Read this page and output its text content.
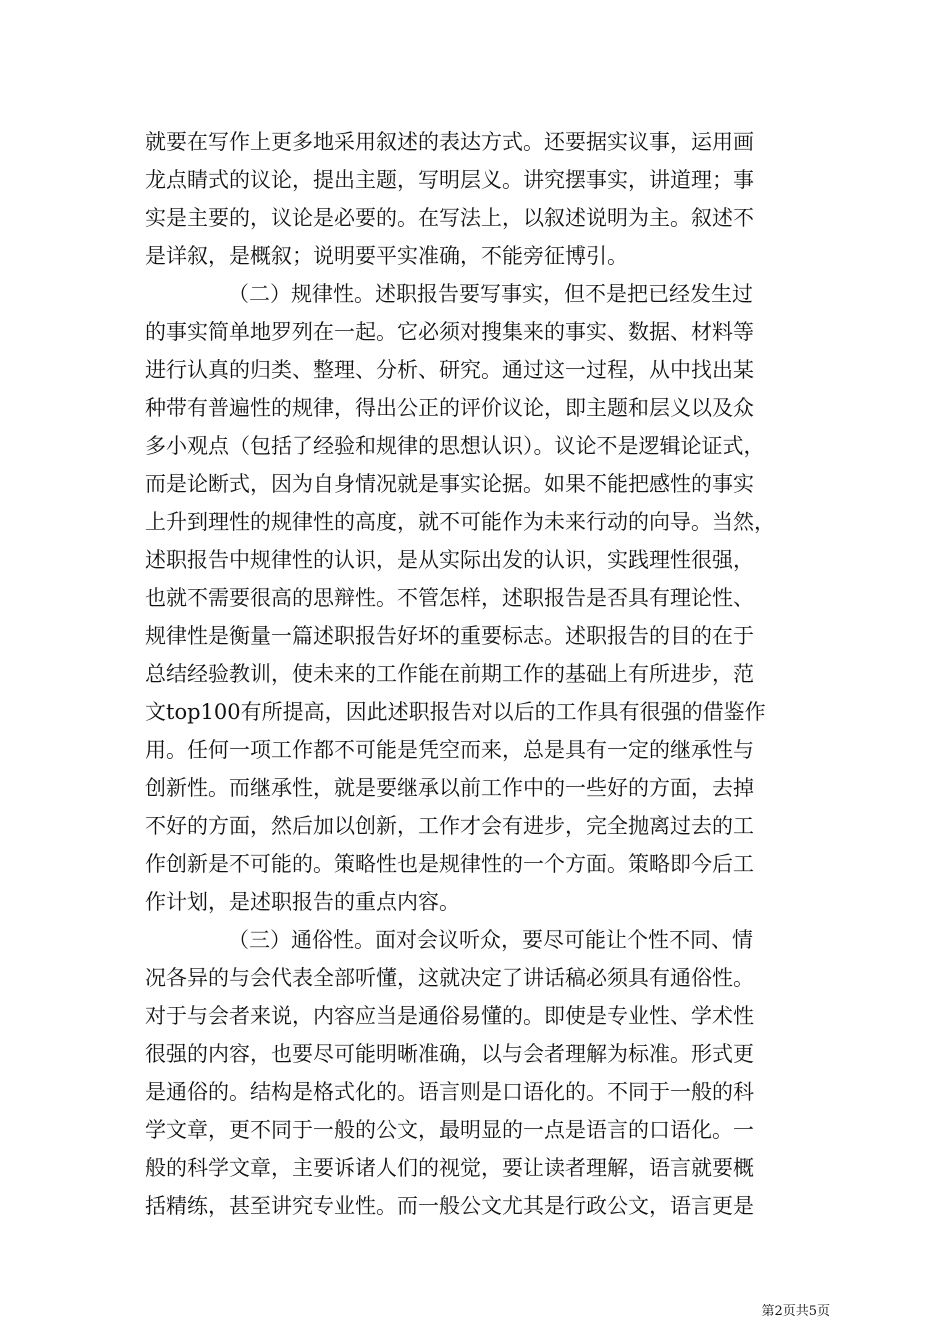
就要在写作上更多地采用叙述的表达方式。还要据实议事，运用画
龙点睛式的议论，提出主题，写明层义。讲究摆事实，讲道理；事
实是主要的，议论是必要的。在写法上，以叙述说明为主。叙述不
是详叙，是概叙；说明要平实准确，不能旁征博引。
（二）规律性。述职报告要写事实，但不是把已经发生过
的事实简单地罗列在一起。它必须对搜集来的事实、数据、材料等
进行认真的归类、整理、分析、研究。通过这一过程，从中找出某
种带有普遍性的规律，得出公正的评价议论，即主题和层义以及众
多小观点（包括了经验和规律的思想认识）。议论不是逻辑论证式，
而是论断式，因为自身情况就是事实论据。如果不能把感性的事实
上升到理性的规律性的高度，就不可能作为未来行动的向导。当然，
述职报告中规律性的认识，是从实际出发的认识，实践理性很强，
也就不需要很高的思辩性。不管怎样，述职报告是否具有理论性、
规律性是衡量一篇述职报告好坏的重要标志。述职报告的目的在于
总结经验教训，使未来的工作能在前期工作的基础上有所进步，范
文top100有所提高，因此述职报告对以后的工作具有很强的借鉴作
用。任何一项工作都不可能是凭空而来，总是具有一定的继承性与
创新性。而继承性，就是要继承以前工作中的一些好的方面，去掉
不好的方面，然后加以创新，工作才会有进步，完全抛离过去的工
作创新是不可能的。策略性也是规律性的一个方面。策略即今后工
作计划，是述职报告的重点内容。
（三）通俗性。面对会议听众，要尽可能让个性不同、情
况各异的与会代表全部听懂，这就决定了讲话稿必须具有通俗性。
对于与会者来说，内容应当是通俗易懂的。即使是专业性、学术性
很强的内容，也要尽可能明晰准确，以与会者理解为标准。形式更
是通俗的。结构是格式化的。语言则是口语化的。不同于一般的科
学文章，更不同于一般的公文，最明显的一点是语言的口语化。一
般的科学文章，主要诉诸人们的视觉，要让读者理解，语言就要概
括精练，甚至讲究专业性。而一般公文尤其是行政公文，语言更是
第2页共5页
